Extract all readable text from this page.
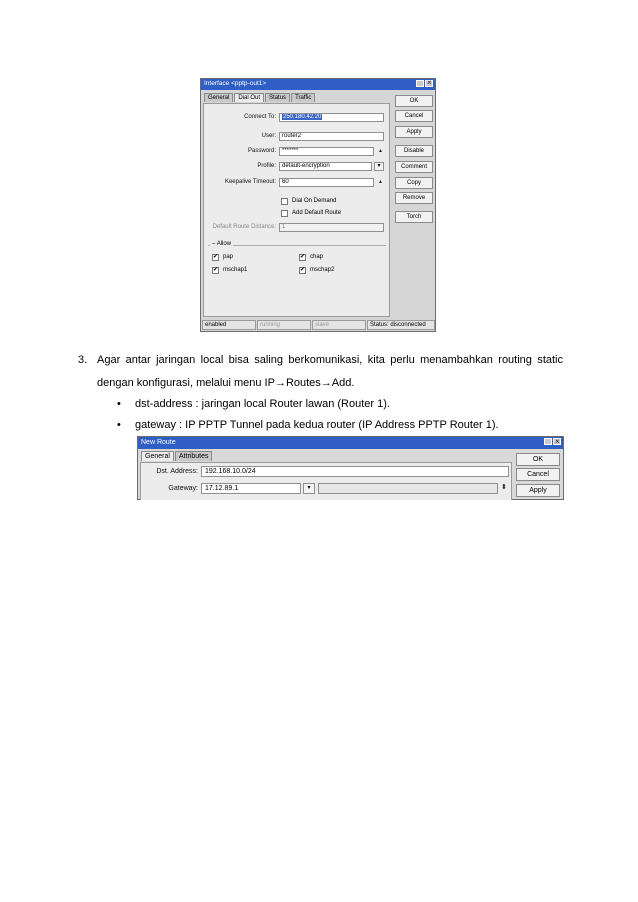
Interface <pptp-out1>
×
General	Dial Out	Status	Traffic
Connect To:	250.180.42.20
User:	router2
Password:	*******	▲
Profile:	default-encryption	▾
Keepalive Timeout:	60	▲
Dial On Demand
Add Default Route
Default Route Distance:	1
– Allow
✔ pap	✔ chap
✔ mschap1	✔ mschap2
OK
Cancel
Apply
Disable
Comment
Copy
Remove
Torch
enabled	running	slave	Status: disconnected
3. Agar antar jaringan local bisa saling berkomunikasi, kita perlu menambahkan routing static
dengan konfigurasi, melalui menu IP→Routes→Add.
• dst-address : jaringan local Router lawan (Router 1).
• gateway : IP PPTP Tunnel pada kedua router (IP Address PPTP Router 1).
New Route
×
General	Attributes
Dst. Address:	192.168.10.0/24
Gateway:	17.12.89.1	▾	⬍
OK
Cancel
Apply
